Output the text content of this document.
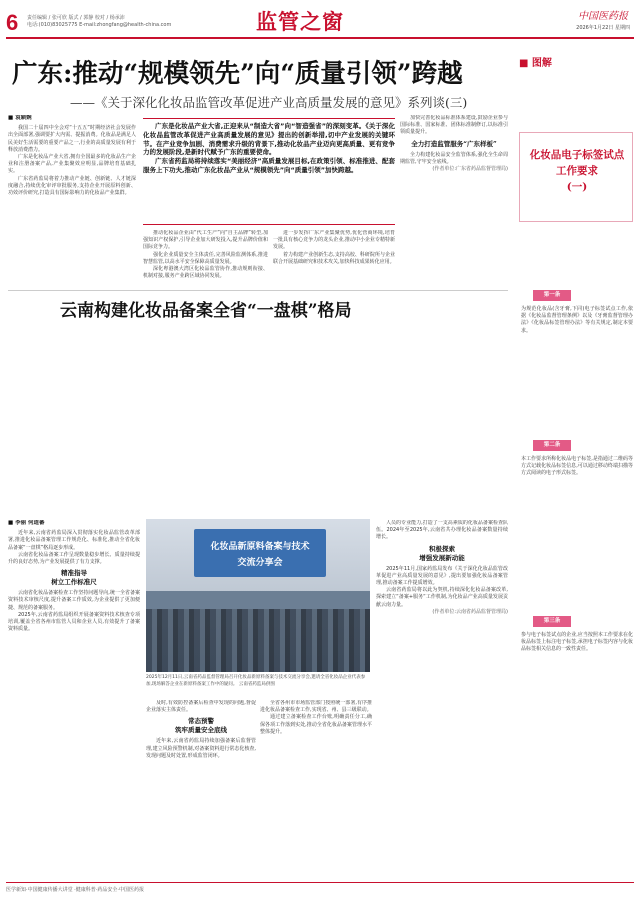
6 责任编辑 / 张可欣 版式 / 郭静 校对 / 杨承沛
电话:(010)83025775 E-mail:zhongfang@health-china.com	监管之窗	中国医药报
2026年1月22日 星期四
广东:推动“规模领先”向“质量引领”跨越
——《关于深化化妆品监管改革促进产业高质量发展的意见》系列谈(三)
■ 袁颖婉

我国二十届四中全会对“十五五”时期经济社会发展作出全面部署,强调要扩大内需、提振消费。化妆品是满足人民美好生活需要的重要产品之一,行业的高质量发展有利于释放消费潜力。

广东是化妆品产业大省,拥有全国最多的化妆品生产企业和注册备案产品,产业集聚效应明显,品牌培育基础扎实。

广东省药监局将着力推动产业链、创新链、人才链深度融合,持续优化审评审批服务,支持企业开展原料创新、功效评价研究,打造具有国际影响力的化妆品产业集群。

广东是化妆品产业大省,正迎来从“制造大省”向“智造强省”的深刻变革。《关于深化化妆品监管改革促进产业高质量发展的意见》提出的创新举措,切中产业发展的关键环节。在产业竞争加剧、消费需求升级的背景下,推动化妆品产业迈向更高质量、更有竞争力的发展阶段,是新时代赋予广东的重要使命。

广东省药监局将持续落实“美丽经济”高质量发展目标,在政策引领、标准推进、配套服务上下功夫,推动广东化妆品产业从“规模领先”向“质量引领”加快跨越。

推动化妆品企业由“代工生产”向“自主品牌”转型,加强知识产权保护,引导企业加大研发投入,提升品牌价值和国际竞争力。

强化企业质量安全主体责任,完善风险监测体系,推进智慧监管,以高水平安全保障高质量发展。

深化粤港澳大湾区化妆品监管协作,推动规则衔接、机制对接,服务产业跨区域协同发展。

进一步发挥广东产业集聚优势,优化营商环境,培育一批具有核心竞争力的龙头企业,推动中小企业专精特新发展。

着力构建产业创新生态,支持高校、科研院所与企业联合开展基础研究和技术攻关,加快科技成果转化应用。

加快完善化妆品标准体系建设,鼓励企业参与国际标准、国家标准、团体标准制修订,以标准引领质量提升。

全力打造监管服务“广东样板”

全力构建化妆品安全监管体系,强化全生命周期监管,守牢安全底线。

(作者单位:广东省药品监督管理局)
云南构建化妆品备案全省“一盘棋”格局
■ 李丽 何道蕃

近年来,云南省药监局深入贯彻落实化妆品监管改革部署,推进化妆品备案管理工作规范化、标准化,推动全省化妆品备案“一盘棋”格局逐步形成。

云南省化妆品备案工作呈现数量稳步增长、质量持续提升的良好态势,为产业发展提供了有力支撑。

精准指导
树立工作标准尺

云南省化妆品备案检查工作坚持问题导向,统一全省备案资料技术审核尺度,提升备案工作质效,为企业提供了更加便捷、规范的备案服务。

2025年,云南省药监局组织开展备案资料技术核查专项培训,覆盖全省各州市监管人员和企业人员,有效提升了备案资料质量。

化妆品新原料备案与技术
交流分享会
2025年12月11日,云南省药品监督管理局召开化妆品新原料备案与技术交流分享会,邀请全省化妆品企业代表参加,现场解答企业在新原料备案工作中的疑问。 云南省药监局供图

及时,有效防控备案后检查中发现的问题,督促企业落实主体责任。

常态预警
筑牢质量安全底线

近年来,云南省药监局持续加强备案后监督管理,建立风险预警机制,对备案资料进行常态化核查,发现问题及时处置,形成监管闭环。

全省各州市市场监管部门按照统一部署,有序推进化妆品备案检查工作,实现省、州、县三级联动。

通过建立备案检查工作台账,明确责任分工,确保各项工作落到实处,推动全省化妆品备案管理水平整体提升。

人员的专业能力,打造了一支高素质的化妆品备案检查队伍。2024年至2025年,云南省共办理化妆品备案数量持续增长。

积极探索
增强发展新动能

2025年11月,国家药监局发布《关于深化化妆品监管改革促进产业高质量发展的意见》,提出要加强化妆品备案管理,推动备案工作提质增效。

云南省药监局将以此为契机,持续深化化妆品备案改革,探索建立“备案+服务“工作机制,为化妆品产业高质量发展贡献云南力量。

(作者单位:云南省药品监督管理局)
■ 图解
化妆品电子标签试点
工作要求
(一)
第一条
为规范化妆品(含牙膏,下同)电子标签试点工作,依据《化妆品监督管理条例》以及《牙膏监督管理办法》《化妆品标签管理办法》等有关规定,制定本要求。
第二条
本工作要求所称化妆品电子标签,是指通过二维码等方式记载化妆品标签信息,可以通过移动终端扫描等方式阅读的电子形式标签。
第三条
参与电子标签试点的企业,应当按照本工作要求在化妆品标签上标注电子标签,承担电子标签内容与化妆品标签相关信息的一致性责任。
医学新知·中国健康传播大讲堂 ·健康科普·药品安全·中国医药报
